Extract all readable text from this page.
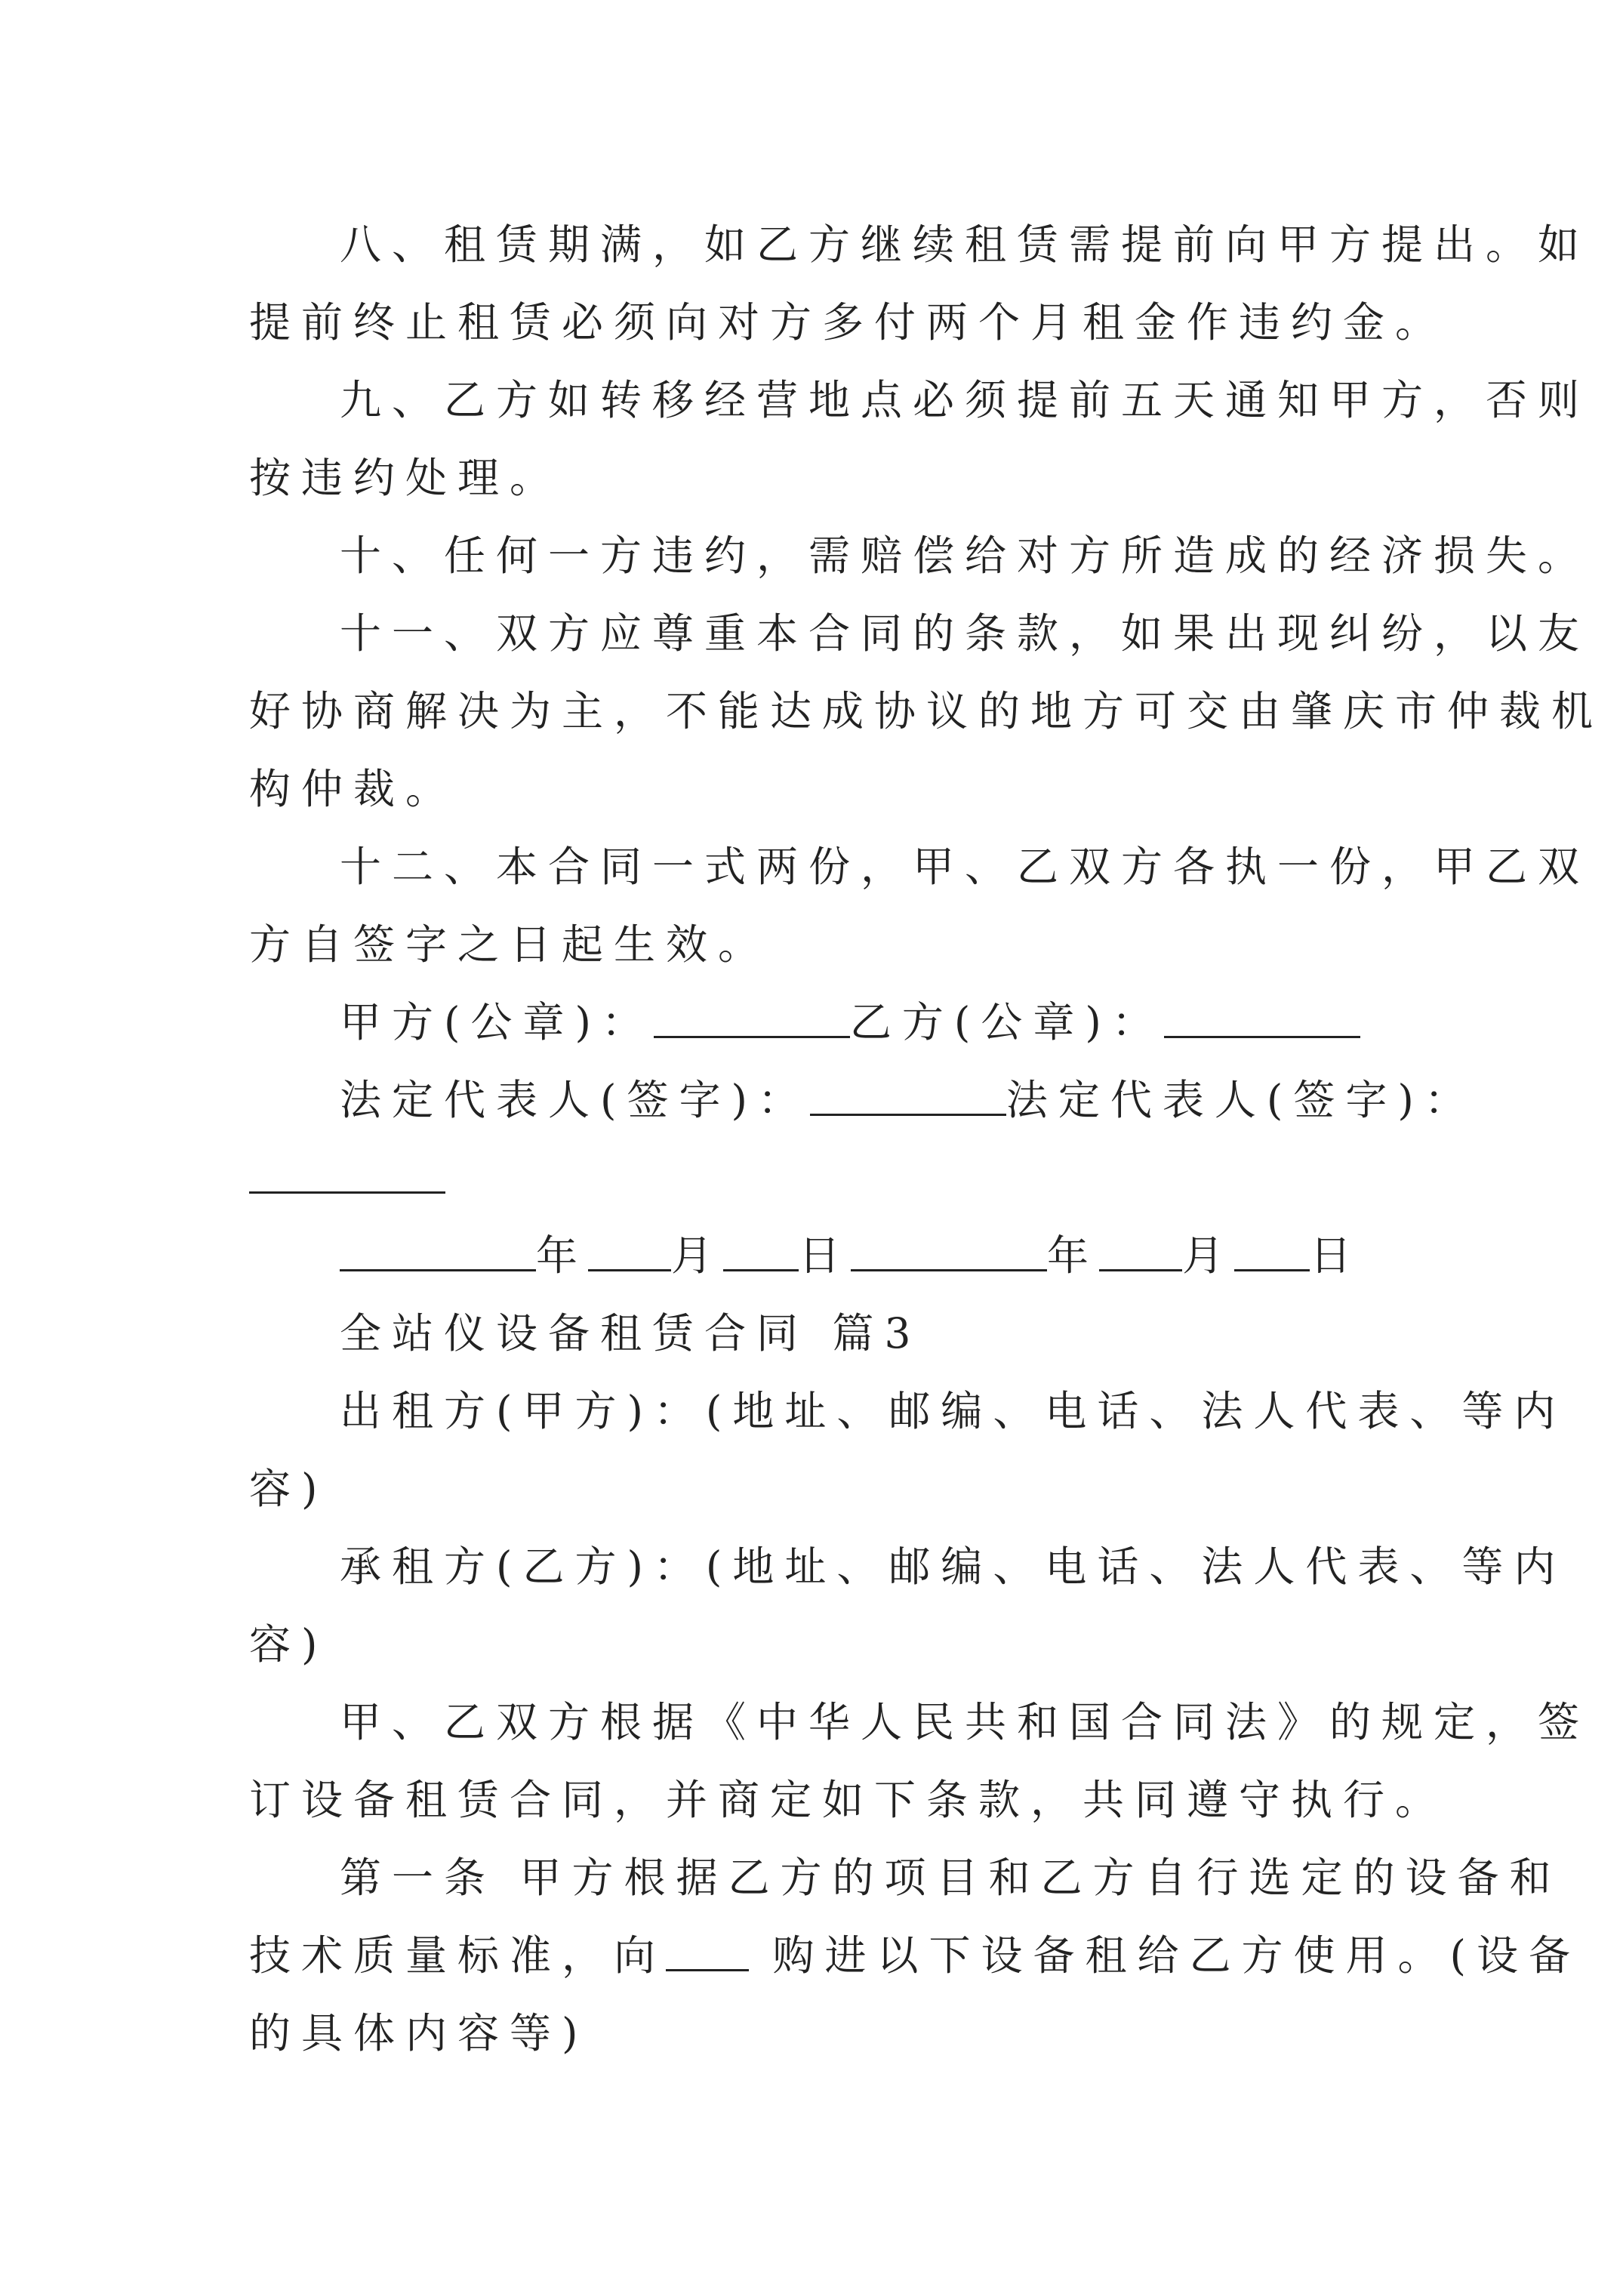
八、租赁期满，如乙方继续租赁需提前向甲方提出。如
提前终止租赁必须向对方多付两个月租金作违约金。
九、乙方如转移经营地点必须提前五天通知甲方，否则
按违约处理。
十、任何一方违约，需赔偿给对方所造成的经济损失。
十一、双方应尊重本合同的条款，如果出现纠纷，以友
好协商解决为主，不能达成协议的地方可交由肇庆市仲裁机
构仲裁。
十二、本合同一式两份，甲、乙双方各执一份，甲乙双
方自签字之日起生效。
甲方(公章)：	乙方(公章)：
法定代表人(签字)：	法定代表人(签字)：
年 月 日	年 月 日
全站仪设备租赁合同 篇3
出租方(甲方)：(地址、邮编、电话、法人代表、等内
容)
承租方(乙方)：(地址、邮编、电话、法人代表、等内
容)
甲、乙双方根据《中华人民共和国合同法》的规定，签
订设备租赁合同，并商定如下条款，共同遵守执行。
第一条 甲方根据乙方的项目和乙方自行选定的设备和
技术质量标准，向 购进以下设备租给乙方使用。(设备
的具体内容等)
